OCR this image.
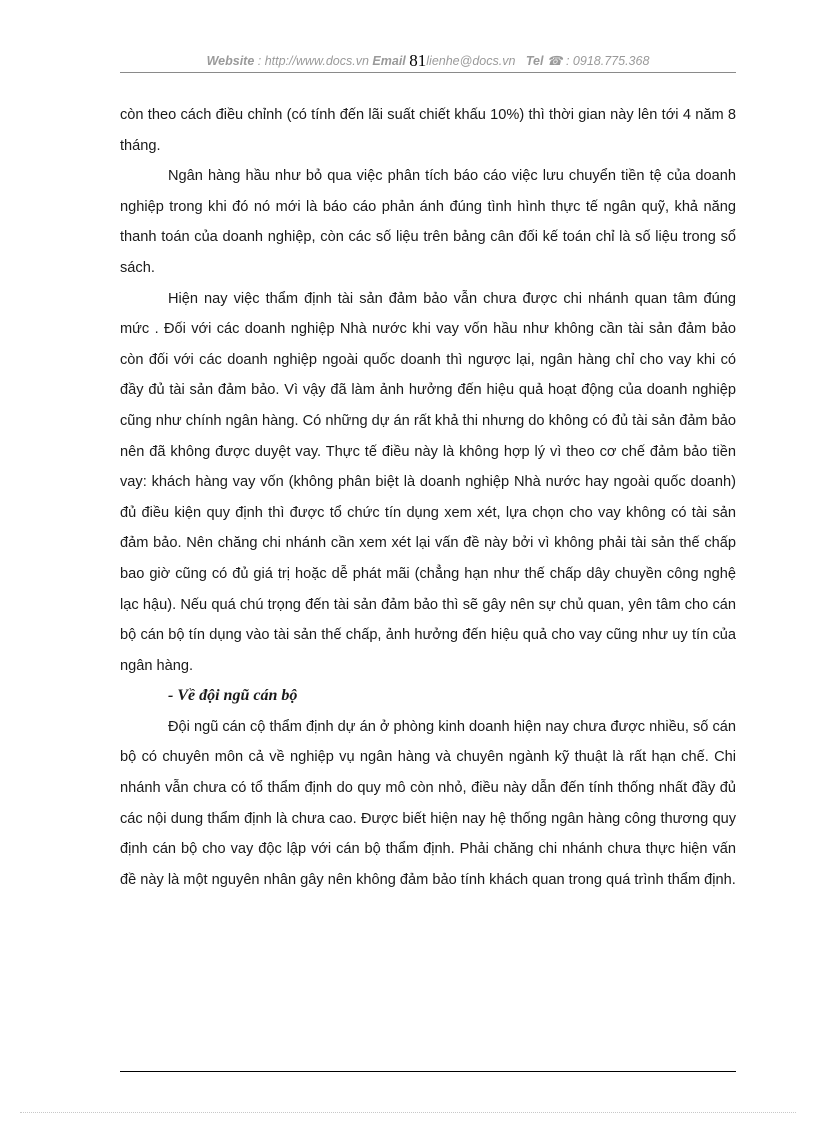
Website : http://www.docs.vn Email 81lienhe@docs.vn Tel ☎ : 0918.775.368

còn theo cách điều chỉnh (có tính đến lãi suất chiết khấu 10%) thì thời gian này lên tới 4 năm 8 tháng.

Ngân hàng hầu như bỏ qua việc phân tích báo cáo việc lưu chuyển tiền tệ của doanh nghiệp trong khi đó nó mới là báo cáo phản ánh đúng tình hình thực tế ngân quỹ, khả năng thanh toán của doanh nghiệp, còn các số liệu trên bảng cân đối kế toán chỉ là số liệu trong sổ sách.

Hiện nay việc thẩm định tài sản đảm bảo vẫn chưa được chi nhánh quan tâm đúng mức . Đối với các doanh nghiệp Nhà nước khi vay vốn hầu như không cần tài sản đảm bảo còn đối với các doanh nghiệp ngoài quốc doanh thì ngược lại, ngân hàng chỉ cho vay khi có đầy đủ tài sản đảm bảo. Vì vậy đã làm ảnh hưởng đến hiệu quả hoạt động của doanh nghiệp cũng như chính ngân hàng. Có những dự án rất khả thi nhưng do không có đủ tài sản đảm bảo nên đã không được duyệt vay. Thực tế điều này là không hợp lý vì theo cơ chế đảm bảo tiền vay: khách hàng vay vốn (không phân biệt là doanh nghiệp Nhà nước hay ngoài quốc doanh) đủ điều kiện quy định thì được tổ chức tín dụng xem xét, lựa chọn cho vay không có tài sản đảm bảo. Nên chăng chi nhánh cần xem xét lại vấn đề này bởi vì không phải tài sản thế chấp bao giờ cũng có đủ giá trị hoặc dễ phát mãi (chẳng hạn như thế chấp dây chuyền công nghệ lạc hậu). Nếu quá chú trọng đến tài sản đảm bảo thì sẽ gây nên sự chủ quan, yên tâm cho cán bộ cán bộ tín dụng vào tài sản thế chấp, ảnh hưởng đến hiệu quả cho vay cũng như uy tín của ngân hàng.

- Về đội ngũ cán bộ

Đội ngũ cán cộ thẩm định dự án ở phòng kinh doanh hiện nay chưa được nhiều, số cán bộ có chuyên môn cả về nghiệp vụ ngân hàng và chuyên ngành kỹ thuật là rất hạn chế. Chi nhánh vẫn chưa có tổ thẩm định do quy mô còn nhỏ, điều này dẫn đến tính thống nhất đầy đủ các nội dung thẩm định là chưa cao. Được biết hiện nay hệ thống ngân hàng công thương quy định cán bộ cho vay độc lập với cán bộ thẩm định. Phải chăng chi nhánh chưa thực hiện vấn đề này là một nguyên nhân gây nên không đảm bảo tính khách quan trong quá trình thẩm định.
